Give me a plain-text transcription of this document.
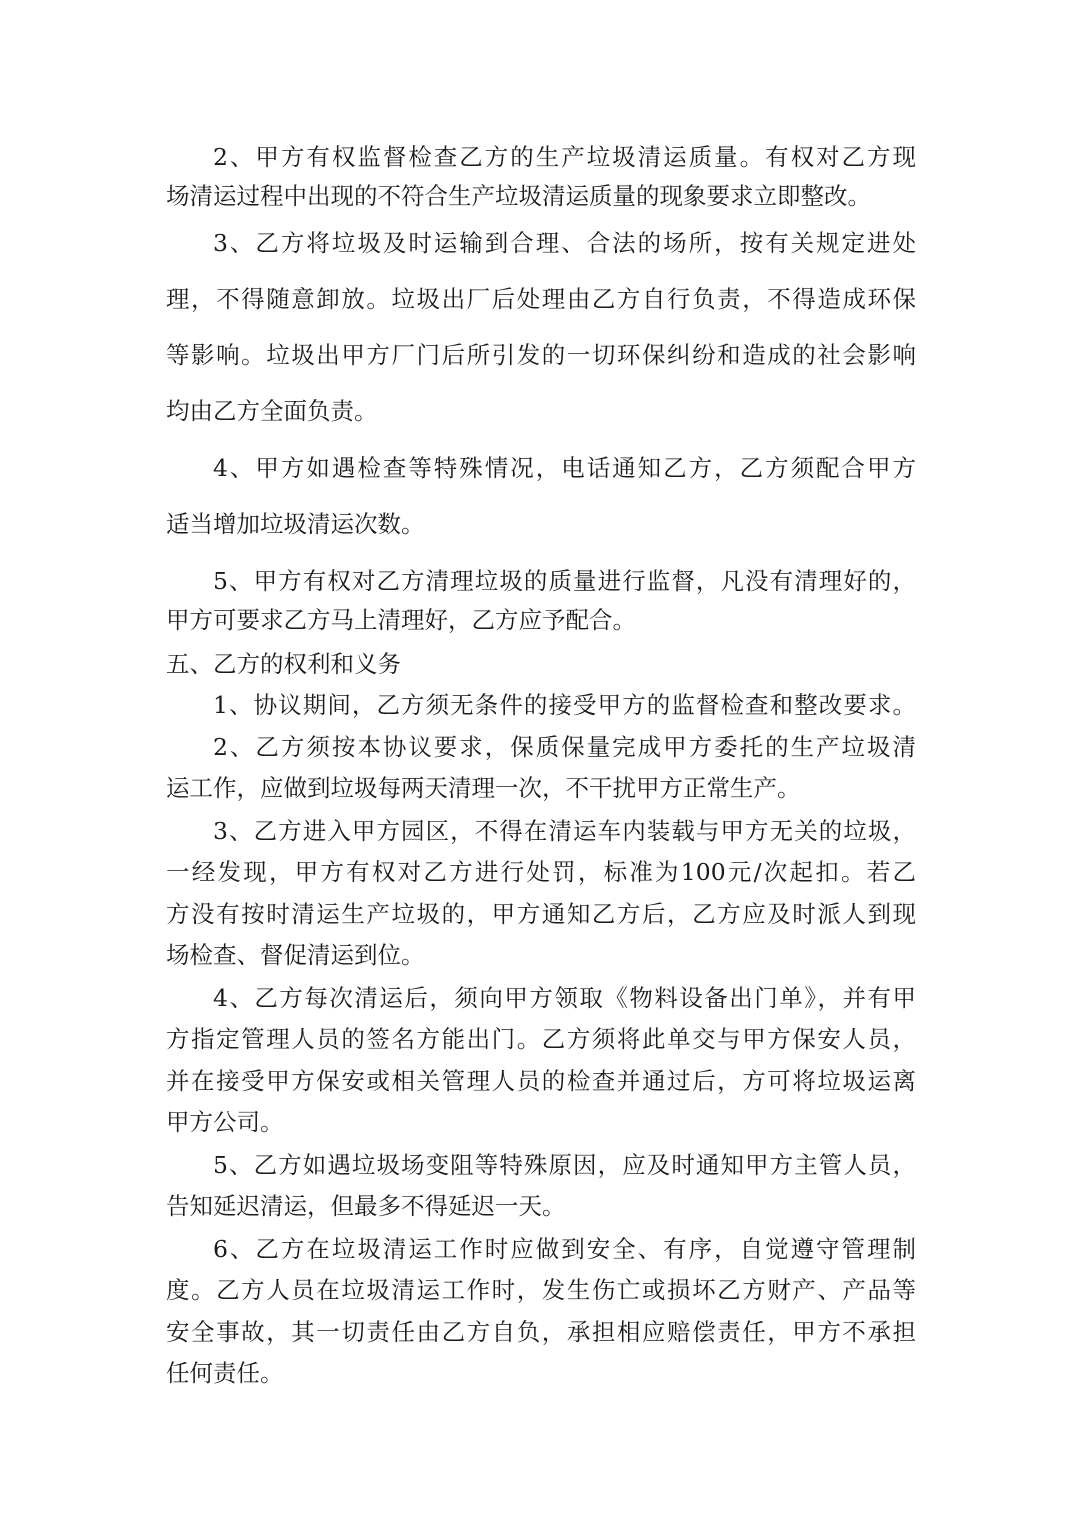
2、甲方有权监督检查乙方的生产垃圾清运质量。有权对乙方现

场清运过程中出现的不符合生产垃圾清运质量的现象要求立即整改。

3、乙方将垃圾及时运输到合理、合法的场所，按有关规定进处

理，不得随意卸放。垃圾出厂后处理由乙方自行负责，不得造成环保

等影响。垃圾出甲方厂门后所引发的一切环保纠纷和造成的社会影响

均由乙方全面负责。

4、甲方如遇检查等特殊情况，电话通知乙方，乙方须配合甲方

适当增加垃圾清运次数。

5、甲方有权对乙方清理垃圾的质量进行监督，凡没有清理好的，

甲方可要求乙方马上清理好，乙方应予配合。

五、乙方的权利和义务

1、协议期间，乙方须无条件的接受甲方的监督检查和整改要求。

2、乙方须按本协议要求，保质保量完成甲方委托的生产垃圾清

运工作，应做到垃圾每两天清理一次，不干扰甲方正常生产。

3、乙方进入甲方园区，不得在清运车内装载与甲方无关的垃圾，

一经发现，甲方有权对乙方进行处罚，标准为100元/次起扣。若乙

方没有按时清运生产垃圾的，甲方通知乙方后，乙方应及时派人到现

场检查、督促清运到位。

4、乙方每次清运后，须向甲方领取《物料设备出门单》，并有甲

方指定管理人员的签名方能出门。乙方须将此单交与甲方保安人员，

并在接受甲方保安或相关管理人员的检查并通过后，方可将垃圾运离

甲方公司。

5、乙方如遇垃圾场变阻等特殊原因，应及时通知甲方主管人员，

告知延迟清运，但最多不得延迟一天。

6、乙方在垃圾清运工作时应做到安全、有序，自觉遵守管理制

度。乙方人员在垃圾清运工作时，发生伤亡或损坏乙方财产、产品等

安全事故，其一切责任由乙方自负，承担相应赔偿责任，甲方不承担

任何责任。
